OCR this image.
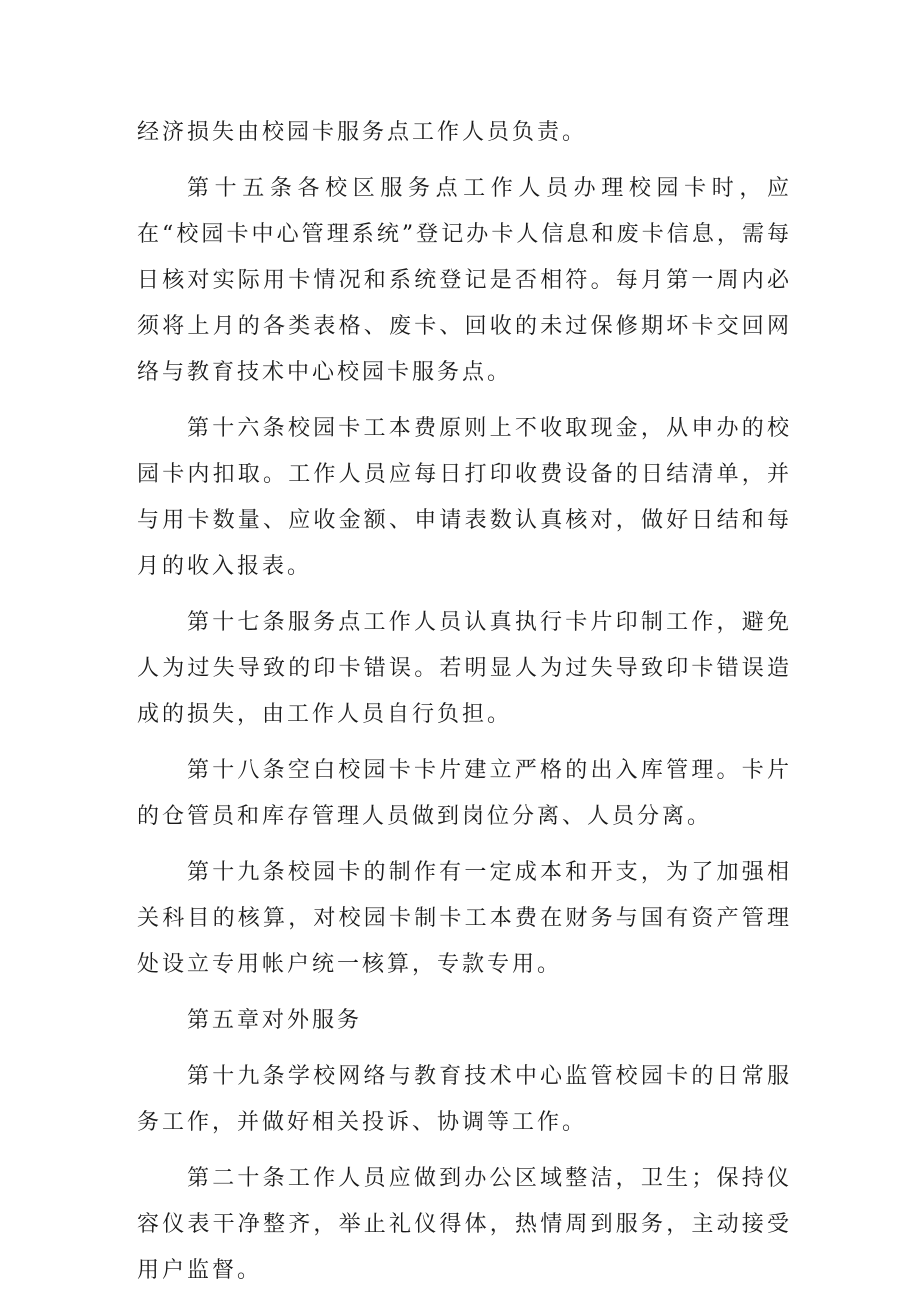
经济损失由校园卡服务点工作人员负责。

第十五条各校区服务点工作人员办理校园卡时，应在“校园卡中心管理系统”登记办卡人信息和废卡信息，需每日核对实际用卡情况和系统登记是否相符。每月第一周内必须将上月的各类表格、废卡、回收的未过保修期坏卡交回网络与教育技术中心校园卡服务点。

第十六条校园卡工本费原则上不收取现金，从申办的校园卡内扣取。工作人员应每日打印收费设备的日结清单，并与用卡数量、应收金额、申请表数认真核对，做好日结和每月的收入报表。

第十七条服务点工作人员认真执行卡片印制工作，避免人为过失导致的印卡错误。若明显人为过失导致印卡错误造成的损失，由工作人员自行负担。

第十八条空白校园卡卡片建立严格的出入库管理。卡片的仓管员和库存管理人员做到岗位分离、人员分离。

第十九条校园卡的制作有一定成本和开支，为了加强相关科目的核算，对校园卡制卡工本费在财务与国有资产管理处设立专用帐户统一核算，专款专用。

第五章对外服务

第十九条学校网络与教育技术中心监管校园卡的日常服务工作，并做好相关投诉、协调等工作。

第二十条工作人员应做到办公区域整洁，卫生；保持仪容仪表干净整齐，举止礼仪得体，热情周到服务，主动接受用户监督。
